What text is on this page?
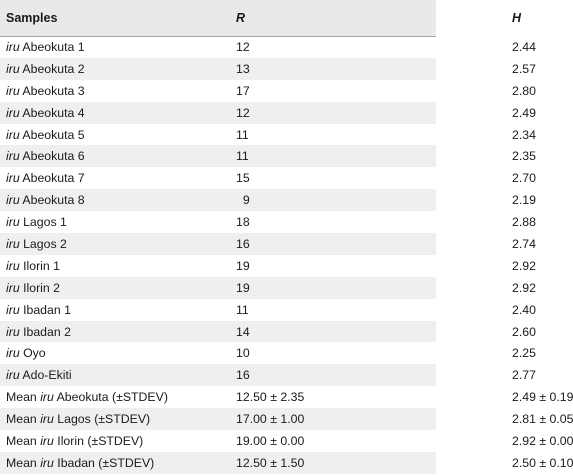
Samples	R	H
iru Abeokuta 1	12	2.44
iru Abeokuta 2	13	2.57
iru Abeokuta 3	17	2.80
iru Abeokuta 4	12	2.49
iru Abeokuta 5	11	2.34
iru Abeokuta 6	11	2.35
iru Abeokuta 7	15	2.70
iru Abeokuta 8	9	2.19
iru Lagos 1	18	2.88
iru Lagos 2	16	2.74
iru Ilorin 1	19	2.92
iru Ilorin 2	19	2.92
iru Ibadan 1	11	2.40
iru Ibadan 2	14	2.60
iru Oyo	10	2.25
iru Ado-Ekiti	16	2.77
Mean iru Abeokuta (±STDEV)	12.50 ± 2.35	2.49 ± 0.19
Mean iru Lagos (±STDEV)	17.00 ± 1.00	2.81 ± 0.05
Mean iru Ilorin (±STDEV)	19.00 ± 0.00	2.92 ± 0.00
Mean iru Ibadan (±STDEV)	12.50 ± 1.50	2.50 ± 0.10
